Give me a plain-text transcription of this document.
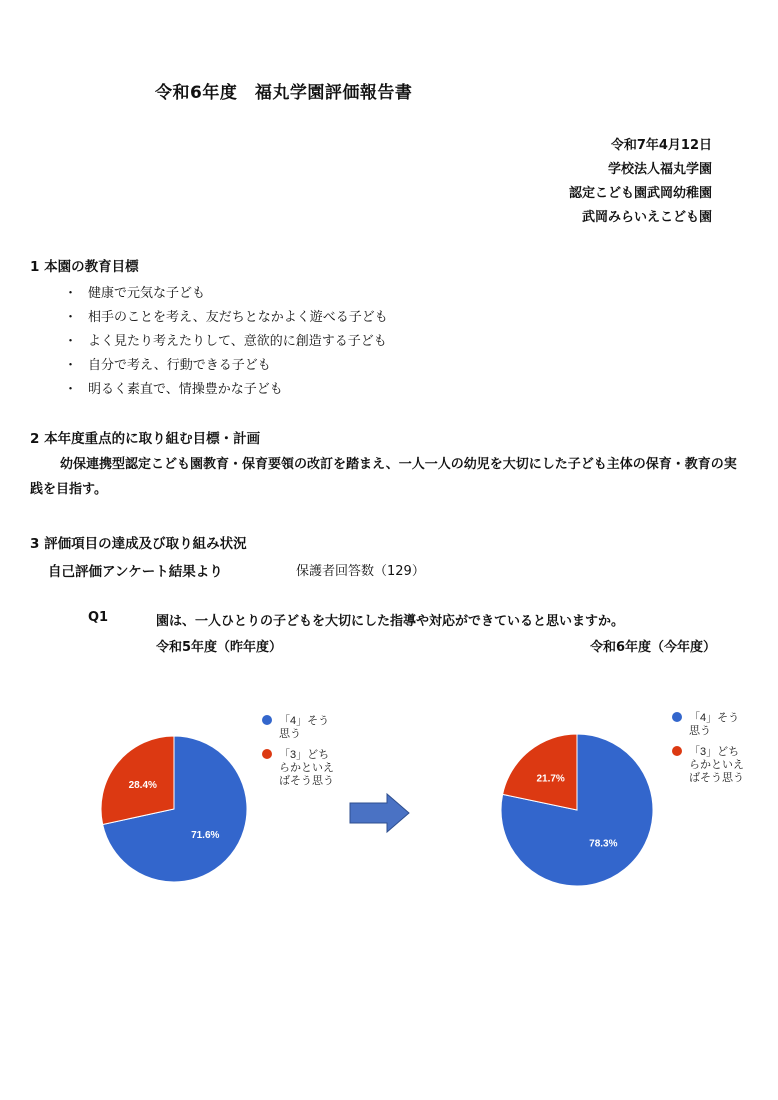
令和6年度　福丸学園評価報告書
令和7年4月12日
学校法人福丸学園
認定こども園武岡幼稚園
武岡みらいえこども園
1 本園の教育目標
・ 健康で元気な子ども
・ 相手のことを考え、友だちとなかよく遊べる子ども
・ よく見たり考えたりして、意欲的に創造する子ども
・ 自分で考え、行動できる子ども
・ 明るく素直で、情操豊かな子ども
2 本年度重点的に取り組む目標・計画
幼保連携型認定こども園教育・保育要領の改訂を踏まえ、一人一人の幼児を大切にした子ども主体の保育・教育の実践を目指す。
3 評価項目の達成及び取り組み状況
自己評価アンケート結果より	保護者回答数（129）
Q1	園は、一人ひとりの子どもを大切にした指導や対応ができていると思いますか。
令和5年度（昨年度）	令和6年度（今年度）
71.6%
28.4%
「4」そう
思う
「3」どち
らかといえ
ばそう思う
78.3%
21.7%
「4」そう
思う
「3」どち
らかといえ
ばそう思う
